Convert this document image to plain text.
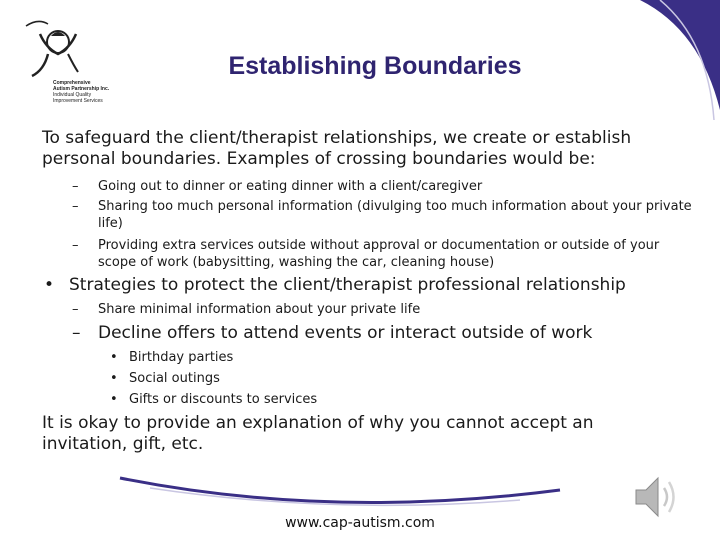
Comprehensive
Autism Partnership Inc.
Individual Quality
Improvement Services
Establishing Boundaries
To safeguard the client/therapist relationships, we create or establish personal boundaries. Examples of crossing boundaries would be:
– Going out to dinner or eating dinner with a client/caregiver
– Sharing too much personal information (divulging too much information about your private life)
– Providing extra services outside without approval or documentation or outside of your scope of work (babysitting, washing the car, cleaning house)
• Strategies to protect the client/therapist professional relationship
– Share minimal information about your private life
– Decline offers to attend events or interact outside of work
• Birthday parties
• Social outings
• Gifts or discounts to services
It is okay to provide an explanation of why you cannot accept an invitation, gift, etc.
www.cap-autism.com
